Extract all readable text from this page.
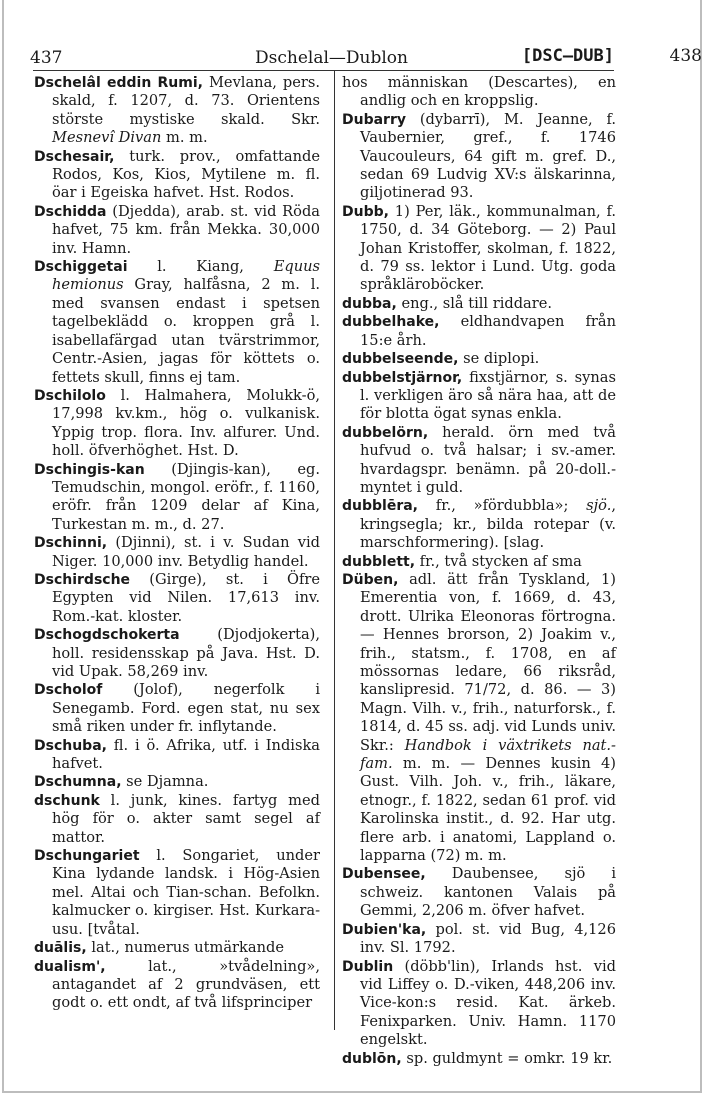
437	Dschelal—Dublon	[DSC—DUB]	438
Dschelâl eddin Rumi, Mevlana, pers. skald, f. 1207, d. 73. Orientens störste mystiske skald. Skr. Mesnevî Divan m. m.
Dschesair, turk. prov., omfattande Rodos, Kos, Kios, Mytilene m. fl. öar i Egeiska hafvet. Hst. Rodos.
Dschidda (Djedda), arab. st. vid Röda hafvet, 75 km. från Mekka. 30,000 inv. Hamn.
Dschiggetai l. Kiang, Equus hemionus Gray, halfåsna, 2 m. l. med svansen endast i spetsen tagelbeklädd o. kroppen grå l. isabellafärgad utan tvärstrimmor, Centr.-Asien, jagas för köttets o. fettets skull, finns ej tam.
Dschilolo l. Halmahera, Molukk-ö, 17,998 kv.km., hög o. vulkanisk. Yppig trop. flora. Inv. alfurer. Und. holl. öfverhöghet. Hst. D.
Dschingis-kan (Djingis-kan), eg. Temudschin, mongol. eröfr., f. 1160, eröfr. från 1209 delar af Kina, Turkestan m. m., d. 27.
Dschinni, (Djinni), st. i v. Sudan vid Niger. 10,000 inv. Betydlig handel.
Dschirdsche (Girge), st. i Öfre Egypten vid Nilen. 17,613 inv. Rom.-kat. kloster.
Dschogdschokerta	(Djodjokerta), holl. residensskap på Java. Hst. D. vid Upak. 58,269 inv.
Dscholof (Jolof), negerfolk i Senegamb. Ford. egen stat, nu sex små riken under fr. inflytande.
Dschuba, fl. i ö. Afrika, utf. i Indiska hafvet.
Dschumna, se Djamna.
dschunk l. junk, kines. fartyg med hög för o. akter samt segel af mattor.
Dschungariet l. Songariet, under Kina lydande landsk. i Hög-Asien mel. Altai och Tian-schan. Befolkn. kalmucker o. kirgiser. Hst. Kurkara-usu. [tvåtal.
duālis, lat., numerus utmärkande
dualism',	lat., »tvådelning», antagandet af 2 grundväsen, ett godt o. ett ondt, af två lifsprinciper
hos människan (Descartes), en andlig och en kroppslig.
Dubarry (dybarrī), M. Jeanne, f. Vaubernier, gref., f. 1746 Vaucouleurs, 64 gift m. gref. D., sedan 69 Ludvig XV:s älskarinna, giljotinerad 93.
Dubb, 1) Per, läk., kommunalman, f. 1750, d. 34 Göteborg. — 2) Paul Johan Kristoffer, skolman, f. 1822, d. 79 ss. lektor i Lund. Utg. goda språkläroböcker.
dubba, eng., slå till riddare.
dubbelhake, eldhandvapen från 15:e årh.
dubbelseende, se diplopi.
dubbelstjärnor, fixstjärnor, s. synas l. verkligen äro så nära haa, att de för blotta ögat synas enkla.
dubbelörn, herald. örn med två hufvud o. två halsar; i sv.-amer. hvardagspr. benämn. på 20-doll.-myntet i guld.
dubblēra, fr., »fördubbla»; sjö., kringsegla; kr., bilda rotepar (v. marschformering). [slag.
dubblett, fr., två stycken af sma
Düben, adl. ätt från Tyskland, 1) Emerentia von, f. 1669, d. 43, drott. Ulrika Eleonoras förtrogna. — Hennes brorson, 2) Joakim v., frih., statsm., f. 1708, en af mössornas ledare, 66 riksråd, kanslipresid. 71/72, d. 86. — 3) Magn. Vilh. v., frih., naturforsk., f. 1814, d. 45 ss. adj. vid Lunds univ. Skr.: Handbok i växtrikets nat.-fam. m. m. — Dennes kusin 4) Gust. Vilh. Joh. v., frih., läkare, etnogr., f. 1822, sedan 61 prof. vid Karolinska instit., d. 92. Har utg. flere arb. i anatomi, Lappland o. lapparna (72) m. m.
Dubensee, Daubensee, sjö i schweiz. kantonen Valais på Gemmi, 2,206 m. öfver hafvet.
Dubien'ka, pol. st. vid Bug, 4,126 inv. Sl. 1792.
Dublin (döbb'lin), Irlands hst. vid vid Liffey o. D.-viken, 448,206 inv. Vice-kon:s resid. Kat. ärkeb. Fenixparken. Univ. Hamn. 1170 engelskt.
dublōn, sp. guldmynt = omkr. 19 kr.
